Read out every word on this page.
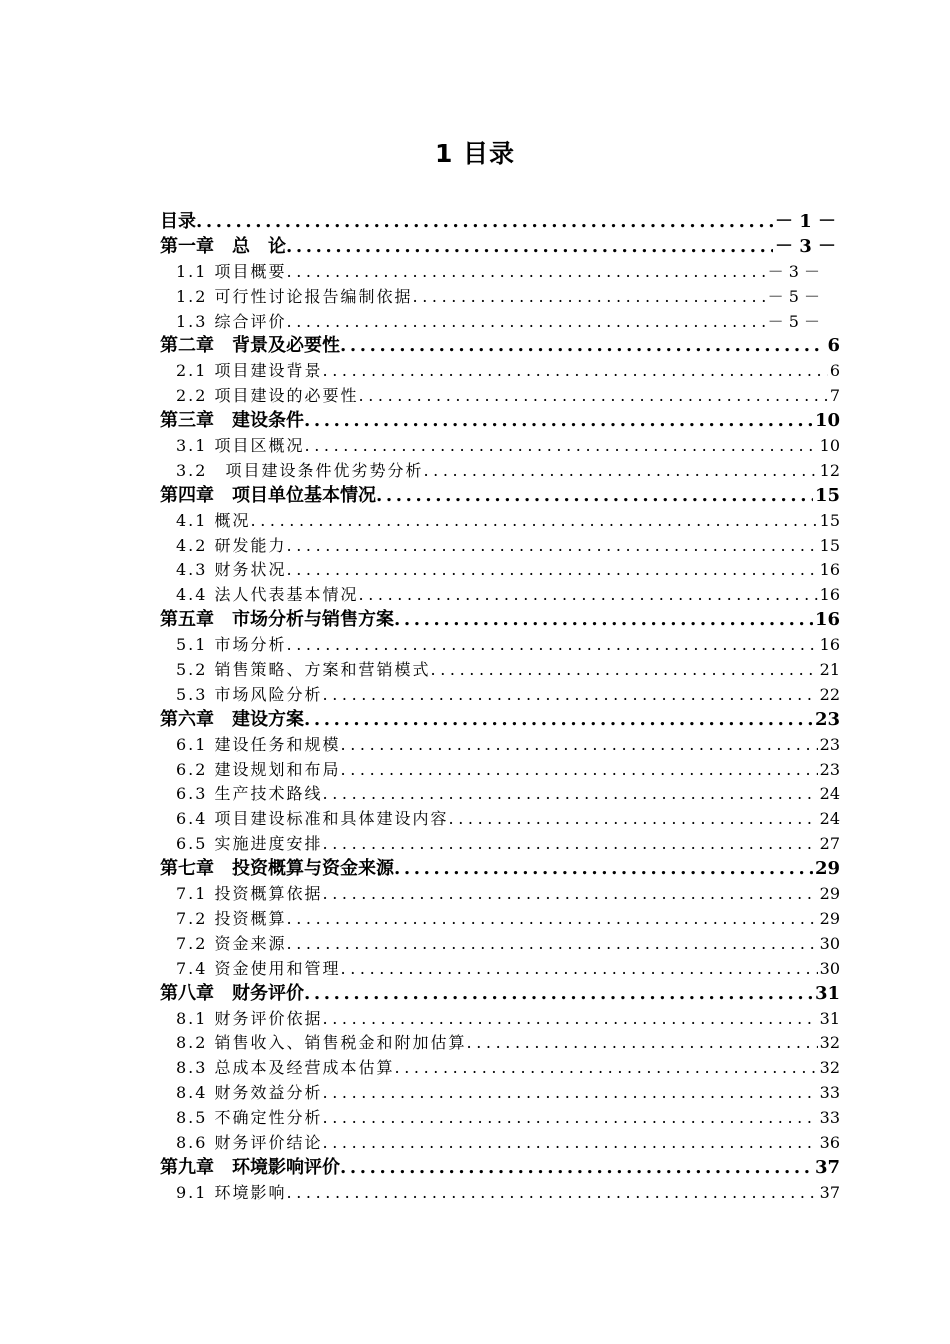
1 目录
目录 .....	－ 1 －
第一章　总　论 .....	－ 3 －
1.1 项目概要 .....	－ 3 －
1.2 可行性讨论报告编制依据 .....	－ 5 －
1.3 综合评价 .....	－ 5 －
第二章　背景及必要性 .....	6
2.1 项目建设背景 .....	6
2.2 项目建设的必要性 .....	7
第三章　建设条件 .....	10
3.1 项目区概况 .....	10
3.2　项目建设条件优劣势分析 .....	12
第四章　项目单位基本情况 .....	15
4.1 概况 .....	15
4.2 研发能力 .....	15
4.3 财务状况 .....	16
4.4 法人代表基本情况 .....	16
第五章　市场分析与销售方案 .....	16
5.1 市场分析 .....	16
5.2 销售策略、方案和营销模式 .....	21
5.3 市场风险分析 .....	22
第六章　建设方案 .....	23
6.1 建设任务和规模 .....	23
6.2 建设规划和布局 .....	23
6.3 生产技术路线 .....	24
6.4 项目建设标准和具体建设内容 .....	24
6.5 实施进度安排 .....	27
第七章　投资概算与资金来源 .....	29
7.1 投资概算依据 .....	29
7.2 投资概算 .....	29
7.2 资金来源 .....	30
7.4 资金使用和管理 .....	30
第八章　财务评价 .....	31
8.1 财务评价依据 .....	31
8.2 销售收入、销售税金和附加估算 .....	32
8.3 总成本及经营成本估算 .....	32
8.4 财务效益分析 .....	33
8.5 不确定性分析 .....	33
8.6 财务评价结论 .....	36
第九章　环境影响评价 .....	37
9.1 环境影响 .....	37
